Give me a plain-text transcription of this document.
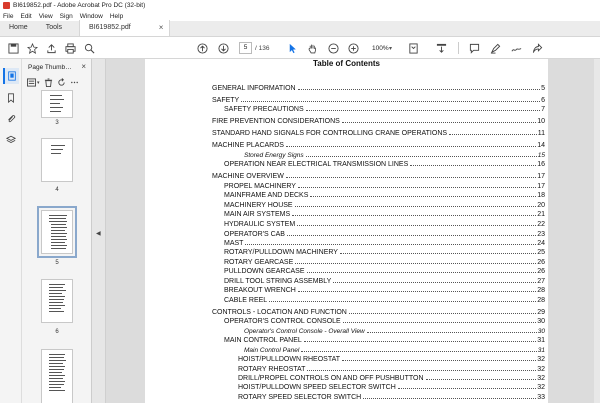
BI619852.pdf - Adobe Acrobat Pro DC (32-bit)
File Edit View Sign Window Help
Home	Tools	BI619852.pdf	×
5	/ 136	100% ▾
Page Thumb… ×
▾
3
4
5
6
◀
Table of Contents
GENERAL INFORMATION	5
SAFETY	6
SAFETY PRECAUTIONS	7
FIRE PREVENTION CONSIDERATIONS	10
STANDARD HAND SIGNALS FOR CONTROLLING CRANE OPERATIONS	11
MACHINE PLACARDS	14
Stored Energy Signs	15
OPERATION NEAR ELECTRICAL TRANSMISSION LINES	16
MACHINE OVERVIEW	17
PROPEL MACHINERY	17
MAINFRAME AND DECKS	18
MACHINERY HOUSE	20
MAIN AIR SYSTEMS	21
HYDRAULIC SYSTEM	22
OPERATOR'S CAB	23
MAST	24
ROTARY/PULLDOWN MACHINERY	25
ROTARY GEARCASE	26
PULLDOWN GEARCASE	26
DRILL TOOL STRING ASSEMBLY	27
BREAKOUT WRENCH	28
CABLE REEL	28
CONTROLS - LOCATION AND FUNCTION	29
OPERATOR'S CONTROL CONSOLE	30
Operator's Control Console - Overall View	30
MAIN CONTROL PANEL	31
Main Control Panel	31
HOIST/PULLDOWN RHEOSTAT	32
ROTARY RHEOSTAT	32
DRILL/PROPEL CONTROLS ON AND OFF PUSHBUTTON	32
HOIST/PULLDOWN SPEED SELECTOR SWITCH	32
ROTARY SPEED SELECTOR SWITCH	33
